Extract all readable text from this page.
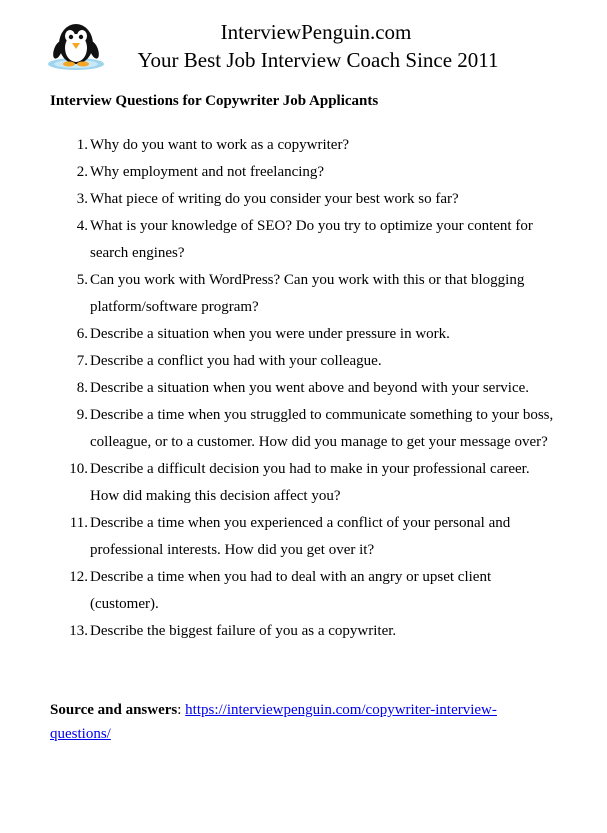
InterviewPenguin.com
Your Best Job Interview Coach Since 2011
Interview Questions for Copywriter Job Applicants
1. Why do you want to work as a copywriter?
2. Why employment and not freelancing?
3. What piece of writing do you consider your best work so far?
4. What is your knowledge of SEO? Do you try to optimize your content for search engines?
5. Can you work with WordPress? Can you work with this or that blogging platform/software program?
6. Describe a situation when you were under pressure in work.
7. Describe a conflict you had with your colleague.
8. Describe a situation when you went above and beyond with your service.
9. Describe a time when you struggled to communicate something to your boss, colleague, or to a customer. How did you manage to get your message over?
10. Describe a difficult decision you had to make in your professional career. How did making this decision affect you?
11. Describe a time when you experienced a conflict of your personal and professional interests. How did you get over it?
12. Describe a time when you had to deal with an angry or upset client (customer).
13. Describe the biggest failure of you as a copywriter.
Source and answers: https://interviewpenguin.com/copywriter-interview-questions/
